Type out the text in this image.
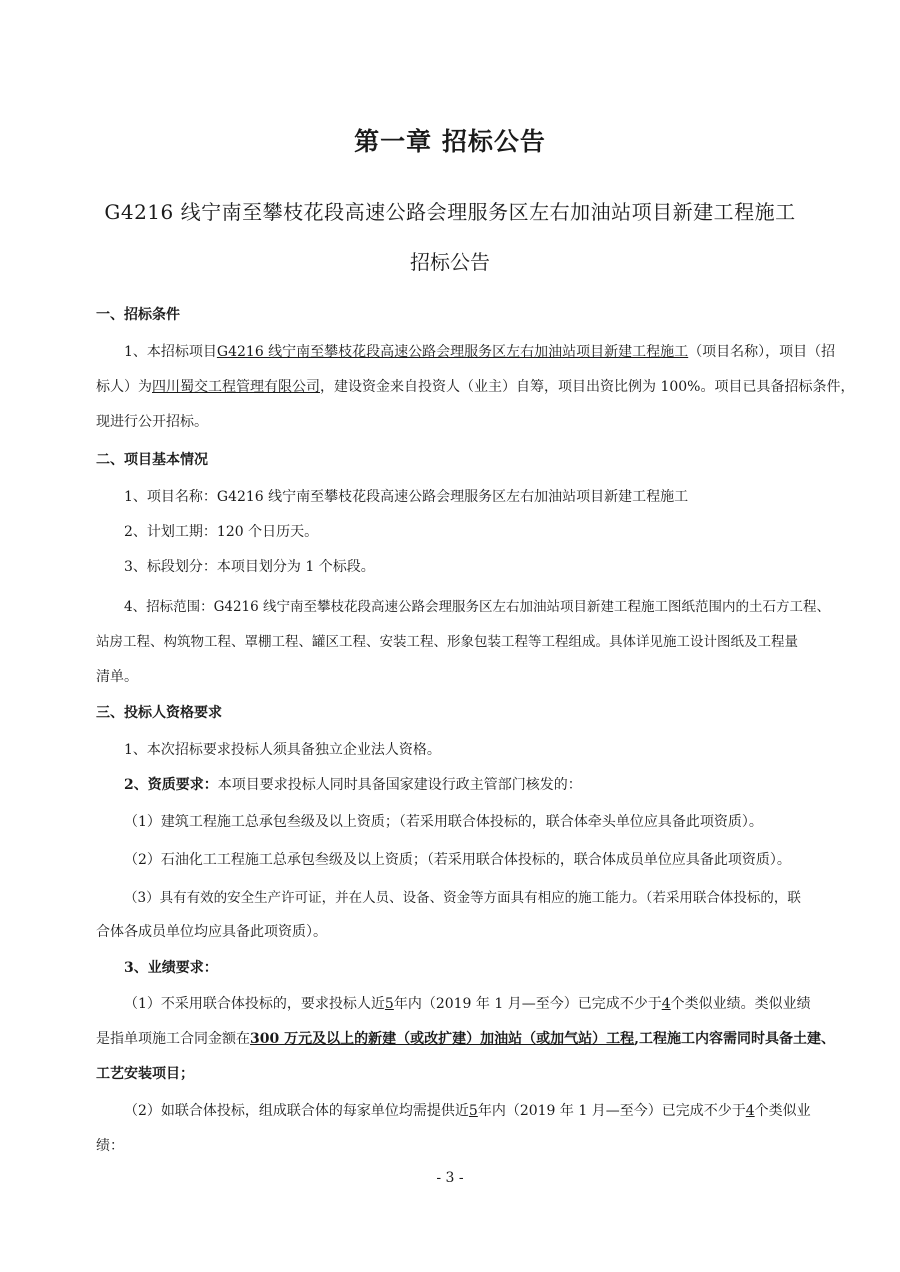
第一章 招标公告
G4216 线宁南至攀枝花段高速公路会理服务区左右加油站项目新建工程施工
招标公告
一、招标条件
1、本招标项目G4216 线宁南至攀枝花段高速公路会理服务区左右加油站项目新建工程施工（项目名称），项目（招
标人）为四川蜀交工程管理有限公司，建设资金来自投资人（业主）自筹，项目出资比例为 100%。项目已具备招标条件，
现进行公开招标。
二、项目基本情况
1、项目名称：G4216 线宁南至攀枝花段高速公路会理服务区左右加油站项目新建工程施工
2、计划工期：120 个日历天。
3、标段划分：本项目划分为 1 个标段。
4、招标范围：G4216 线宁南至攀枝花段高速公路会理服务区左右加油站项目新建工程施工图纸范围内的土石方工程、
站房工程、构筑物工程、罩棚工程、罐区工程、安装工程、形象包装工程等工程组成。具体详见施工设计图纸及工程量
清单。
三、投标人资格要求
1、本次招标要求投标人须具备独立企业法人资格。
2、资质要求：本项目要求投标人同时具备国家建设行政主管部门核发的：
（1）建筑工程施工总承包叁级及以上资质；（若采用联合体投标的，联合体牵头单位应具备此项资质）。
（2）石油化工工程施工总承包叁级及以上资质；（若采用联合体投标的，联合体成员单位应具备此项资质）。
（3）具有有效的安全生产许可证，并在人员、设备、资金等方面具有相应的施工能力。（若采用联合体投标的，联
合体各成员单位均应具备此项资质）。
3、业绩要求：
（1）不采用联合体投标的，要求投标人近5年内（2019 年 1 月—至今）已完成不少于4个类似业绩。类似业绩
是指单项施工合同金额在300 万元及以上的新建（或改扩建）加油站（或加气站）工程,工程施工内容需同时具备土建、
工艺安装项目；
（2）如联合体投标，组成联合体的每家单位均需提供近5年内（2019 年 1 月—至今）已完成不少于4个类似业
绩：
- 3 -
